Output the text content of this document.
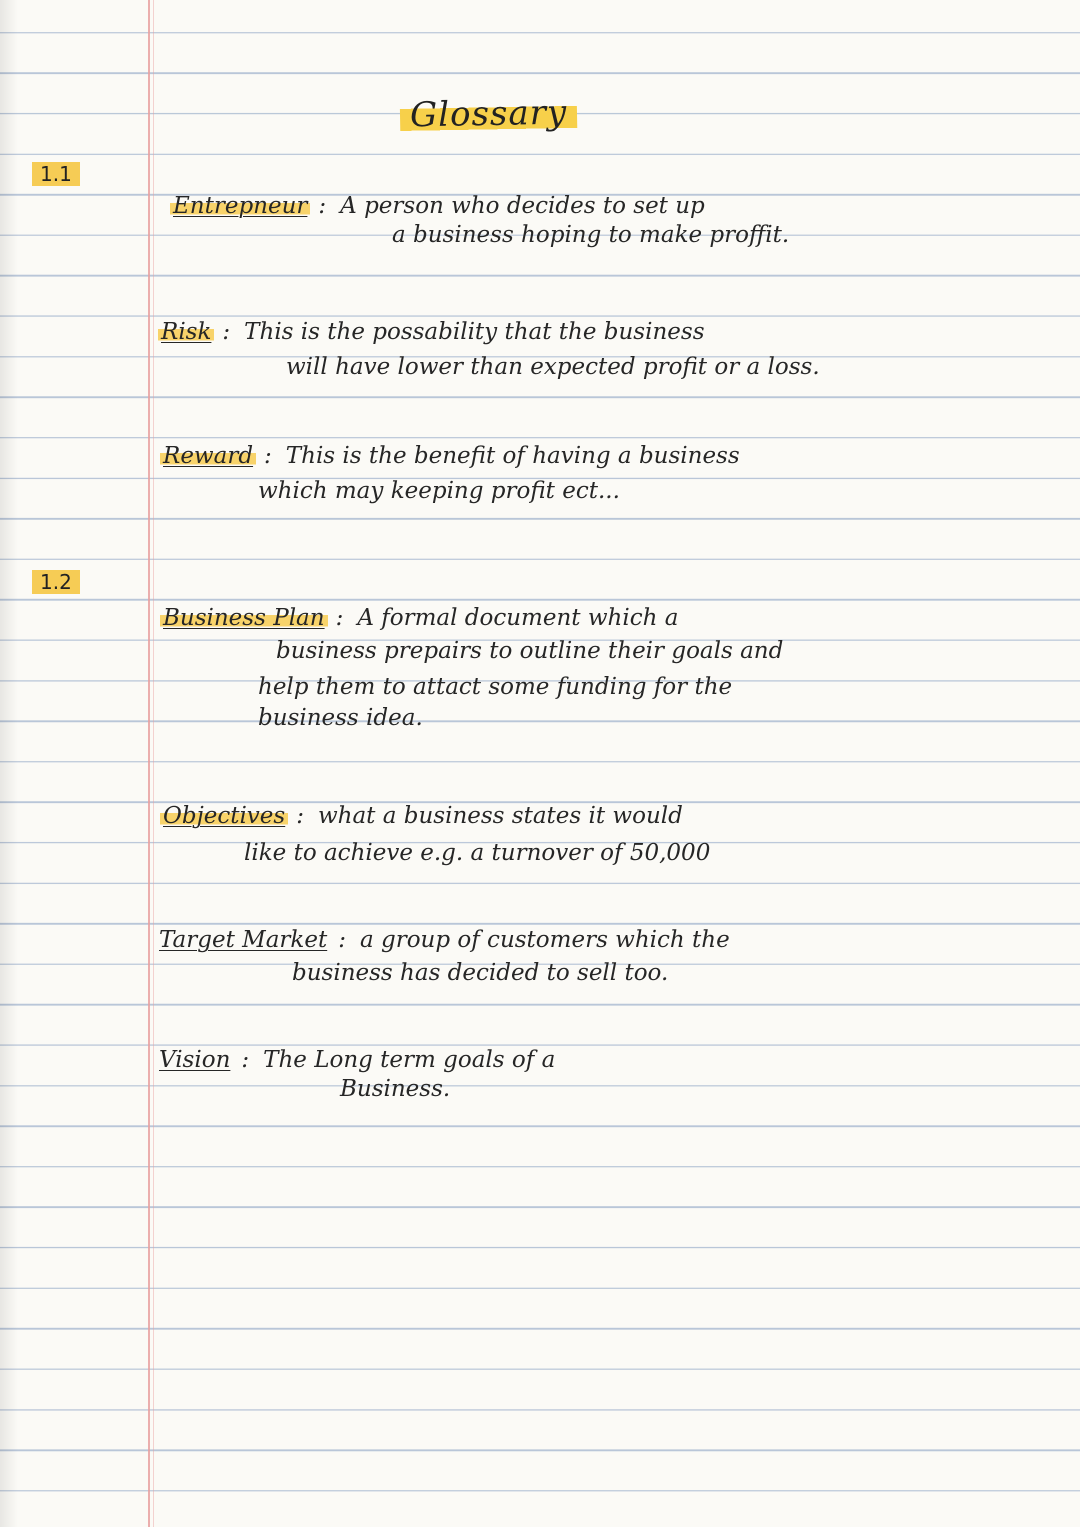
Glossary
1.1
1.2
Entrepneur : A person who decides to set up
a business hoping to make proffit.
Risk : This is the possability that the business
will have lower than expected profit or a loss.
Reward : This is the benefit of having a business
which may keeping profit ect...
Business Plan : A formal document which a
business prepairs to outline their goals and
help them to attact some funding for the
business idea.
Objectives : what a business states it would
like to achieve e.g. a turnover of 50,000
Target Market : a group of customers which the
business has decided to sell too.
Vision : The Long term goals of a
Business.
